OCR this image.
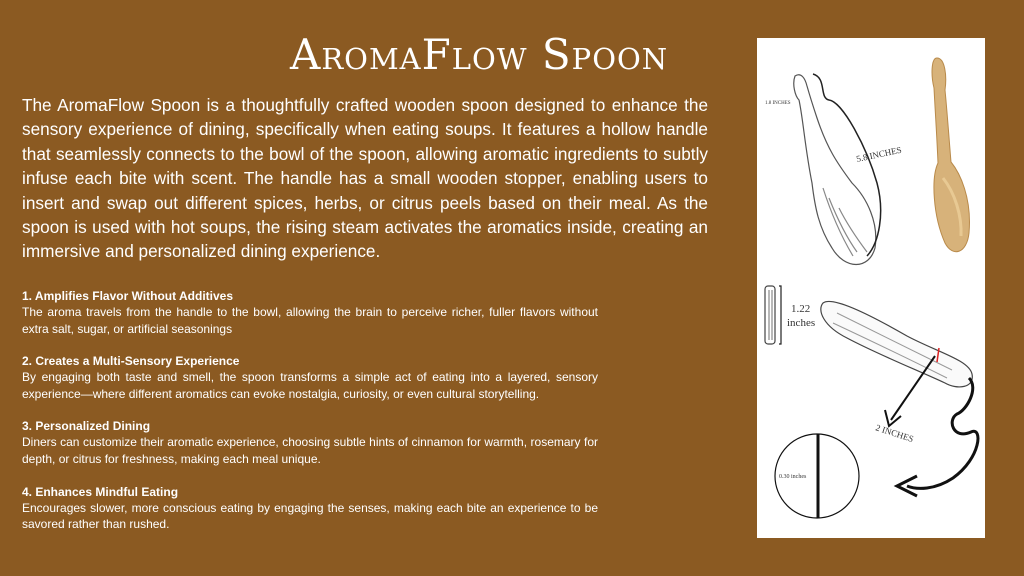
AromaFlow Spoon
The AromaFlow Spoon is a thoughtfully crafted wooden spoon designed to enhance the sensory experience of dining, specifically when eating soups. It features a hollow handle that seamlessly connects to the bowl of the spoon, allowing aromatic ingredients to subtly infuse each bite with scent. The handle has a small wooden stopper, enabling users to insert and swap out different spices, herbs, or citrus peels based on their meal. As the spoon is used with hot soups, the rising steam activates the aromatics inside, creating an immersive and personalized dining experience.
1. Amplifies Flavor Without Additives
The aroma travels from the handle to the bowl, allowing the brain to perceive richer, fuller flavors without extra salt, sugar, or artificial seasonings
2. Creates a Multi-Sensory Experience
By engaging both taste and smell, the spoon transforms a simple act of eating into a layered, sensory experience—where different aromatics can evoke nostalgia, curiosity, or even cultural storytelling.
3. Personalized Dining
Diners can customize their aromatic experience, choosing subtle hints of cinnamon for warmth, rosemary for depth, or citrus for freshness, making each meal unique.
4. Enhances Mindful Eating
Encourages slower, more conscious eating by engaging the senses, making each bite an experience to be savored rather than rushed.
1.8 INCHES
5.8 INCHES
1.22
inches
2 INCHES
0.30 inches
